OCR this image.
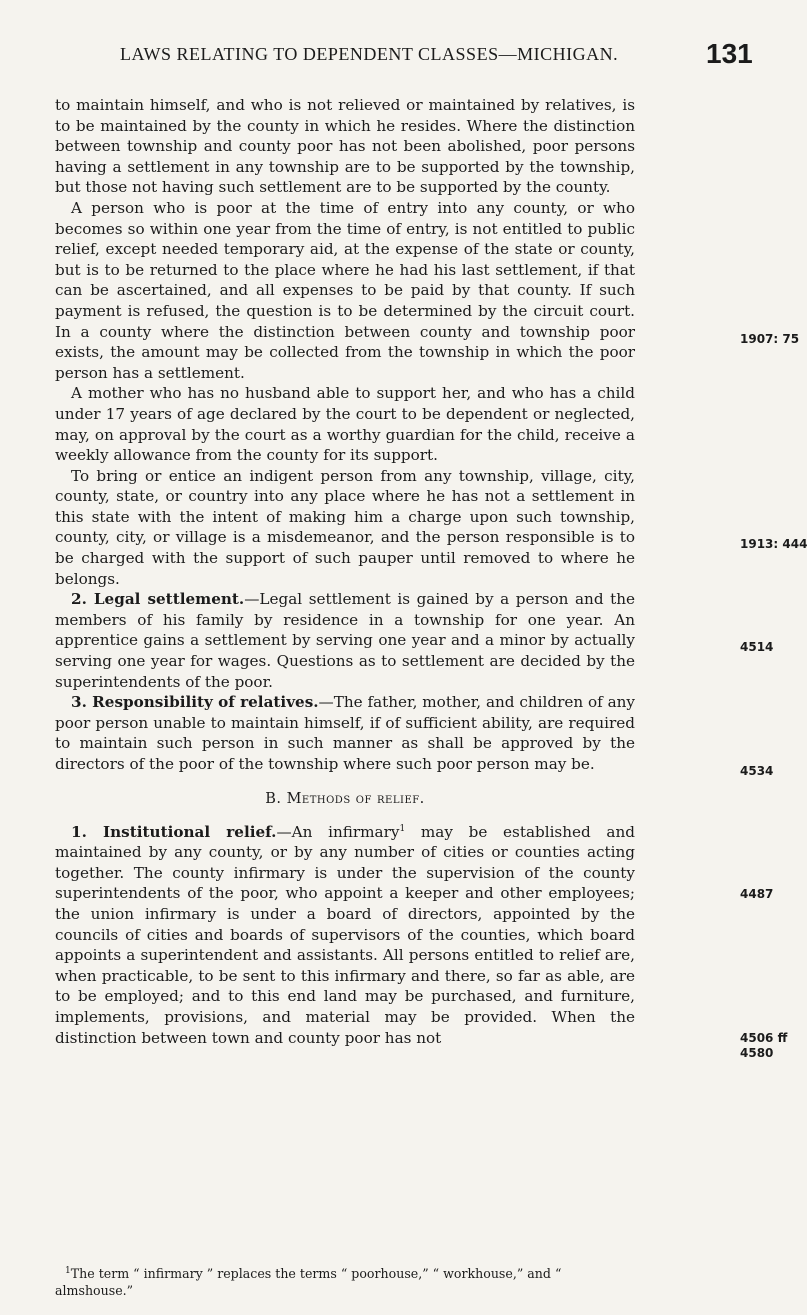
LAWS RELATING TO DEPENDENT CLASSES—MICHIGAN.	131

to maintain himself, and who is not relieved or maintained by relatives, is to be maintained by the county in which he resides. Where the distinction between township and county poor has not been abolished, poor persons having a settlement in any township are to be supported by the township, but those not having such settlement are to be supported by the county.

A person who is poor at the time of entry into any county, or who becomes so within one year from the time of entry, is not entitled to public relief, except needed temporary aid, at the expense of the state or county, but is to be returned to the place where he had his last settlement, if that can be ascertained, and all expenses to be paid by that county. If such payment is refused, the question is to be determined by the circuit court. In a county where the distinction between county and township poor exists, the amount may be collected from the township in which the poor person has a settlement.

A mother who has no husband able to support her, and who has a child under 17 years of age declared by the court to be dependent or neglected, may, on approval by the court as a worthy guardian for the child, receive a weekly allowance from the county for its support.

To bring or entice an indigent person from any township, village, city, county, state, or country into any place where he has not a settlement in this state with the intent of making him a charge upon such township, county, city, or village is a misdemeanor, and the person responsible is to be charged with the support of such pauper until removed to where he belongs.

2. Legal settlement.—Legal settlement is gained by a person and the members of his family by residence in a township for one year. An apprentice gains a settlement by serving one year and a minor by actually serving one year for wages. Questions as to settlement are decided by the superintendents of the poor.

3. Responsibility of relatives.—The father, mother, and children of any poor person unable to maintain himself, if of sufficient ability, are required to maintain such person in such manner as shall be approved by the directors of the poor of the township where such poor person may be.

B. Methods of relief.

1. Institutional relief.—An infirmary$^1$ may be established and maintained by any county, or by any number of cities or counties acting together. The county infirmary is under the supervision of the county superintendents of the poor, who appoint a keeper and other employees; the union infirmary is under a board of directors, appointed by the councils of cities and boards of supervisors of the counties, which board appoints a superintendent and assistants. All persons entitled to relief are, when practicable, to be sent to this infirmary and there, so far as able, are to be employed; and to this end land may be purchased, and furniture, implements, provisions, and material may be provided. When the distinction between town and county poor has not

1907: 75
1913: 444
4514
4534
4487
4506 ff
4580
$^1$The term “ infirmary ” replaces the terms “ poorhouse,” “ workhouse,” and “ almshouse.”
